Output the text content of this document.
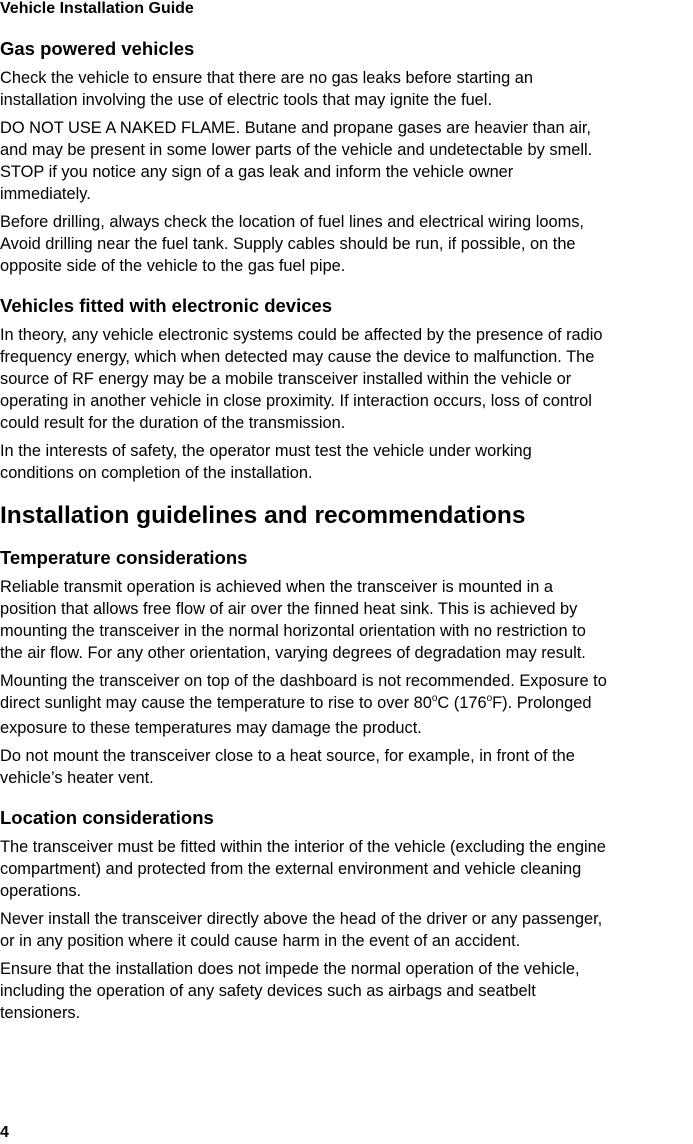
Vehicle Installation Guide
Gas powered vehicles

Check the vehicle to ensure that there are no gas leaks before starting an
installation involving the use of electric tools that may ignite the fuel.

DO NOT USE A NAKED FLAME. Butane and propane gases are heavier than air,
and may be present in some lower parts of the vehicle and undetectable by smell.
STOP if you notice any sign of a gas leak and inform the vehicle owner
immediately.

Before drilling, always check the location of fuel lines and electrical wiring looms,
Avoid drilling near the fuel tank. Supply cables should be run, if possible, on the
opposite side of the vehicle to the gas fuel pipe.

Vehicles fitted with electronic devices

In theory, any vehicle electronic systems could be affected by the presence of radio
frequency energy, which when detected may cause the device to malfunction. The
source of RF energy may be a mobile transceiver installed within the vehicle or
operating in another vehicle in close proximity. If interaction occurs, loss of control
could result for the duration of the transmission.

In the interests of safety, the operator must test the vehicle under working
conditions on completion of the installation.

Installation guidelines and recommendations
Temperature considerations

Reliable transmit operation is achieved when the transceiver is mounted in a
position that allows free flow of air over the finned heat sink. This is achieved by
mounting the transceiver in the normal horizontal orientation with no restriction to
the air flow. For any other orientation, varying degrees of degradation may result.

Mounting the transceiver on top of the dashboard is not recommended. Exposure to
direct sunlight may cause the temperature to rise to over 80$^o$C (176$^o$F). Prolonged
exposure to these temperatures may damage the product.

Do not mount the transceiver close to a heat source, for example, in front of the
vehicle’s heater vent.

Location considerations

The transceiver must be fitted within the interior of the vehicle (excluding the engine
compartment) and protected from the external environment and vehicle cleaning
operations.

Never install the transceiver directly above the head of the driver or any passenger,
or in any position where it could cause harm in the event of an accident.

Ensure that the installation does not impede the normal operation of the vehicle,
including the operation of any safety devices such as airbags and seatbelt
tensioners.

4
